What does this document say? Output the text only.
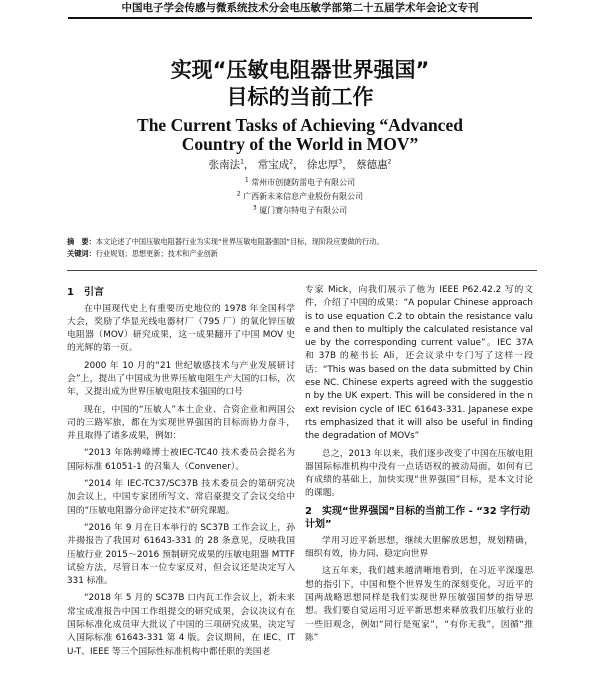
中国电子学会传感与微系统技术分会电压敏学部第二十五届学术年会论文专刊
实现“压敏电阻器世界强国”
目标的当前工作
The Current Tasks of Achieving “Advanced
Country of the World in MOV”
张南法$^1$， 常宝成$^2$， 徐忠厚$^3$， 蔡德惠$^2$
$^1$ 常州市创捷防雷电子有限公司
$^2$ 广西新未来信息产业股份有限公司
$^3$ 厦门赛尔特电子有限公司
摘　要：本文论述了中国压敏电阻器行业为实现“世界压敏电阻器强国”目标，现阶段应要做的行动。
关键词：行业规划；思想更新；技术和产业创新
1　引言
在中国现代史上有重要历史地位的 1978 年全国科学大会，奖励了华显光线电器材厂（795 厂）的氧化锌压敏电阻器（MOV）研究成果，这一成果翻开了中国 MOV 史的光辉的第一页。
2000 年 10 月的“21 世纪敏感技术与产业发展研讨会”上，提出了中国成为世界压敏电阻生产大国的口标，次年，又提出成为世界压敏电阻技术强国的口号
现在，中国的“压敏人”本土企业、合资企业和两国公司的三路军旅，都在为实现世界强国的目标而协力奋斗，并且取得了诸多成果，例如：
“2013 年陈骋峰博士被IEC-TC40 技术委员会提名为国际标准 61051-1 的召集人（Convener）。
“2014 年 IEC-TC37/SC37B 技术委员会的第研究决加会议上，中国专家团所写文、常启豪提交了会议交给中国的“压敏电阻器分命评定技术”研究课题。
“2016 年 9 月在日本举行的 SC37B 工作会议上，孙井揚报告了我国对 61643-331 的 28 条意见，反映我国压敏行业 2015～2016 预制研究成果的压敏电阻器 MTTF 试验方法，尽管日本一位专家反对，但会议还是决定写入 331 标准。
“2018 年 5 月的 SC37B 口内瓦工作会议上，新未来常宝成准报告中国工作组提交的研究成果，会议决议有在国际标准化成员审大批议了中国的三项研究成果，决定写入国际标准 61643-331 第 4 版。会议期间，在 IEC、ITU-T、IEEE 等三个国际性标准机构中都任职的美国老
专家 Mick，向我们展示了他为 IEEE P62.42.2 写的文件，介绍了中国的成果：“A popular Chinese approach is to use equation C.2 to obtain the resistance value and then to multiply the calculated resistance value by the corresponding current value”。IEC 37A 和 37B 的秘书长 Ali，还会议录中专门写了这样一段话：“This was based on the data submitted by Chinese NC. Chinese experts agreed with the suggestion by the UK expert. This will be considered in the next revision cycle of IEC 61643-331. Japanese experts emphasized that it will also be useful in finding the degradation of MOVs”
总之，2013 年以来，我们逐步改变了中国在压敏电阻器国际标准机构中没有一点话语权的被动局面，如何有已有成绩的基础上，加快实现“世界强国”目标，是本文讨论的课题。
2　实现“世界强国”目标的当前工作 - “32 字行动计划”
学用习近平新思想，继续大胆解放思想，规划精确，细织有效，协力同、稳定向世界
这五年来，我们越来越清晰地看到，在习近平深邃思想的指引下，中国和整个世界发生的深刻变化，习近平的国两战略思想同样是我们实现世界压敏强国梦的指导思想。我们要自觉运用习近平新思想来释放我们压敏行业的一些旧观念，例如“同行是冤家”，“有你无我”，因循“推陈”
